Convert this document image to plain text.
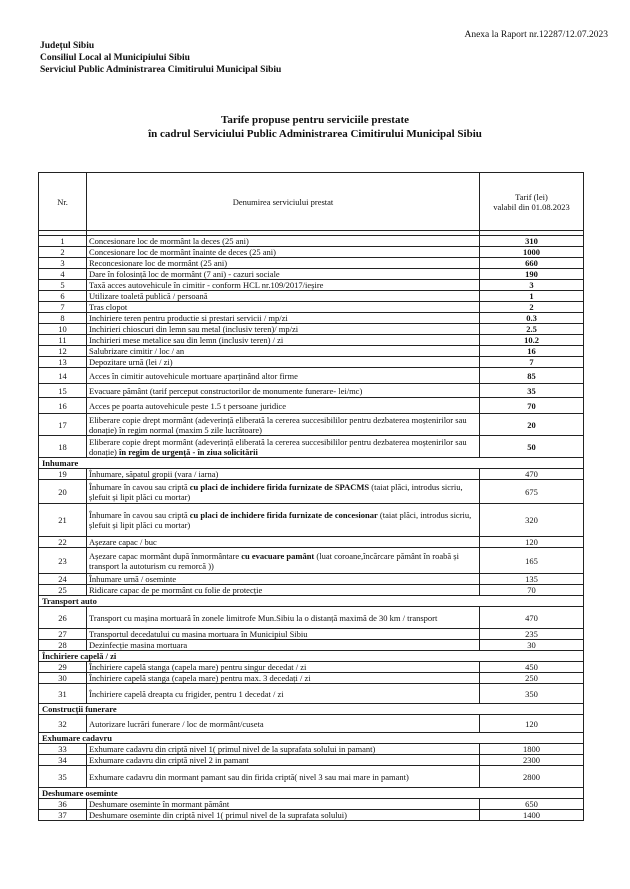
Anexa la Raport nr.12287/12.07.2023
Județul Sibiu
Consiliul Local al Municipiului Sibiu
Serviciul Public Administrarea Cimitirului Municipal Sibiu
Tarife propuse pentru serviciile prestate
în cadrul Serviciului Public Administrarea Cimitirului Municipal Sibiu
Nr.	Denumirea serviciului prestat	Tarif (lei)
valabil din 01.08.2023

1	Concesionare loc de mormânt la deces (25 ani)	310
2	Concesionare loc de mormânt înainte de deces (25 ani)	1000
3	Reconcesionare loc de mormânt (25 ani)	660
4	Dare în folosință loc de mormânt (7 ani) - cazuri sociale	190
5	Taxă acces autovehicule în cimitir - conform HCL nr.109/2017/ieșire	3
6	Utilizare toaletă publică / persoană	1
7	Tras clopot	2
8	Inchiriere teren pentru productie si prestari servicii / mp/zi	0.3
10	Inchirieri chioscuri din lemn sau metal (inclusiv teren)/ mp/zi	2.5
11	Inchirieri mese metalice sau din lemn (inclusiv teren) / zi	10.2
12	Salubrizare cimitir / loc / an	16
13	Depozitare urnă (lei / zi)	7
14	Acces în cimitir autovehicule mortuare aparținând altor firme	85
15	Evacuare pământ (tarif perceput constructorilor de monumente funerare- lei/mc)	35
16	Acces pe poarta autovehicule peste 1.5 t persoane juridice	70
17	Eliberare copie drept mormânt (adeverință eliberată la cererea succesibililor pentru dezbaterea moștenirilor sau donație) în regim normal (maxim 5 zile lucrătoare)	20
18	Eliberare copie drept mormânt (adeverință eliberată la cererea succesibililor pentru dezbaterea moștenirilor sau donație) în regim de urgență - în ziua solicitării	50
Inhumare		
19	Înhumare, săpatul gropii (vara / iarna)	470
20	Înhumare în cavou sau criptă cu placi de inchidere firida furnizate de SPACMS (taiat plăci, introdus sicriu, șlefuit și lipit plăci cu mortar)	675
21	Înhumare în cavou sau criptă cu placi de inchidere firida furnizate de concesionar (taiat plăci, introdus sicriu, șlefuit și lipit plăci cu mortar)	320
22	Așezare capac / buc	120
23	Așezare capac mormânt după înmormântare cu evacuare pamânt (luat coroane,încărcare pământ în roabă și transport la autoturism cu remorcă ))	165
24	Înhumare urnă / oseminte	135
25	Ridicare capac de pe mormânt cu folie de protecție	70
Transport auto		
26	Transport cu mașina mortuară în zonele limitrofe Mun.Sibiu la o distanță maximă de 30 km / transport	470
27	Transportul decedatului cu masina mortuara în Municipiul Sibiu	235
28	Dezinfecție masina mortuara	30
Închiriere capelă / zi		
29	Închiriere capelă stanga (capela mare) pentru singur decedat / zi	450
30	Închiriere capelă stanga (capela mare) pentru max. 3 decedați / zi	250
31	Închiriere capelă dreapta cu frigider, pentru 1 decedat / zi	350
Construcții funerare		
32	Autorizare lucrări funerare / loc de mormânt/cuseta	120
Exhumare cadavru		
33	Exhumare cadavru din criptă nivel 1( primul nivel de la suprafata solului in pamant)	1800
34	Exhumare cadavru din criptă nivel 2 in pamant	2300
35	Exhumare cadavru din mormant pamant sau din firida criptă( nivel 3 sau mai mare in pamant)	2800
Deshumare oseminte		
36	Deshumare oseminte în mormant pământ	650
37	Deshumare oseminte din criptă nivel 1( primul nivel de la suprafata solului)	1400
